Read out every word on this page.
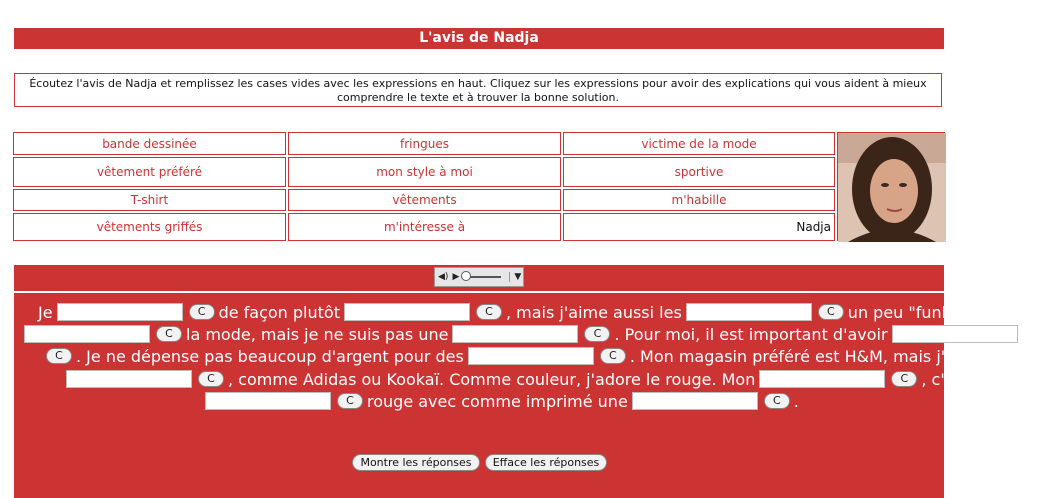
L'avis de Nadja
Écoutez l'avis de Nadja et remplissez les cases vides avec les expressions en haut. Cliquez sur les expressions pour avoir des explications qui vous aident à mieux comprendre le texte et à trouver la bonne solution.
bande dessinée	fringues	victime de la mode
vêtement préféré	mon style à moi	sportive
T-shirt	vêtements	m'habille
vêtements griffés	m'intéresse à	Nadja
◀) ▶	▼
Je	C de façon plutôt	C , mais j'aime aussi les	C un peu "funky". Je
C la mode, mais je ne suis pas une	C . Pour moi, il est important d'avoir
C . Je ne dépense pas beaucoup d'argent pour des	C . Mon magasin préféré est H&M, mais j'aime aussi les
C , comme Adidas ou Kookaï. Comme couleur, j'adore le rouge. Mon	C , c'est un
C rouge avec comme imprimé une	C .
Montre les réponses	Efface les réponses
